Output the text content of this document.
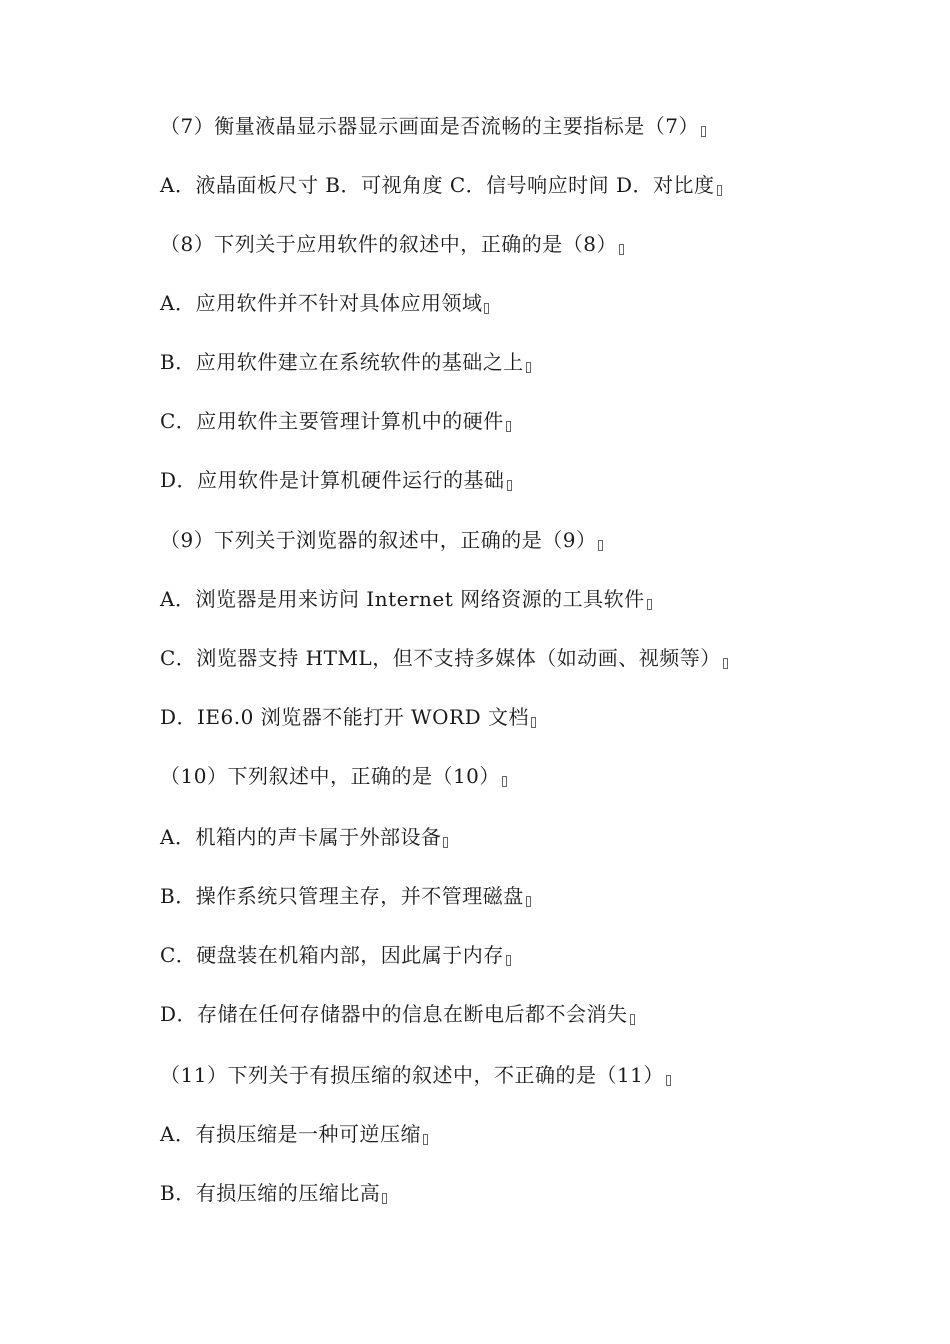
（7）衡量液晶显示器显示画面是否流畅的主要指标是（7）
A．液晶面板尺寸 B．可视角度 C．信号响应时间 D．对比度
（8）下列关于应用软件的叙述中，正确的是（8）
A．应用软件并不针对具体应用领域
B．应用软件建立在系统软件的基础之上
C．应用软件主要管理计算机中的硬件
D．应用软件是计算机硬件运行的基础
（9）下列关于浏览器的叙述中，正确的是（9）
A．浏览器是用来访问 Internet 网络资源的工具软件
C．浏览器支持 HTML，但不支持多媒体（如动画、视频等）
D．IE6.0 浏览器不能打开 WORD 文档
（10）下列叙述中，正确的是（10）
A．机箱内的声卡属于外部设备
B．操作系统只管理主存，并不管理磁盘
C．硬盘装在机箱内部，因此属于内存
D．存储在任何存储器中的信息在断电后都不会消失
（11）下列关于有损压缩的叙述中，不正确的是（11）
A．有损压缩是一种可逆压缩
B．有损压缩的压缩比高
